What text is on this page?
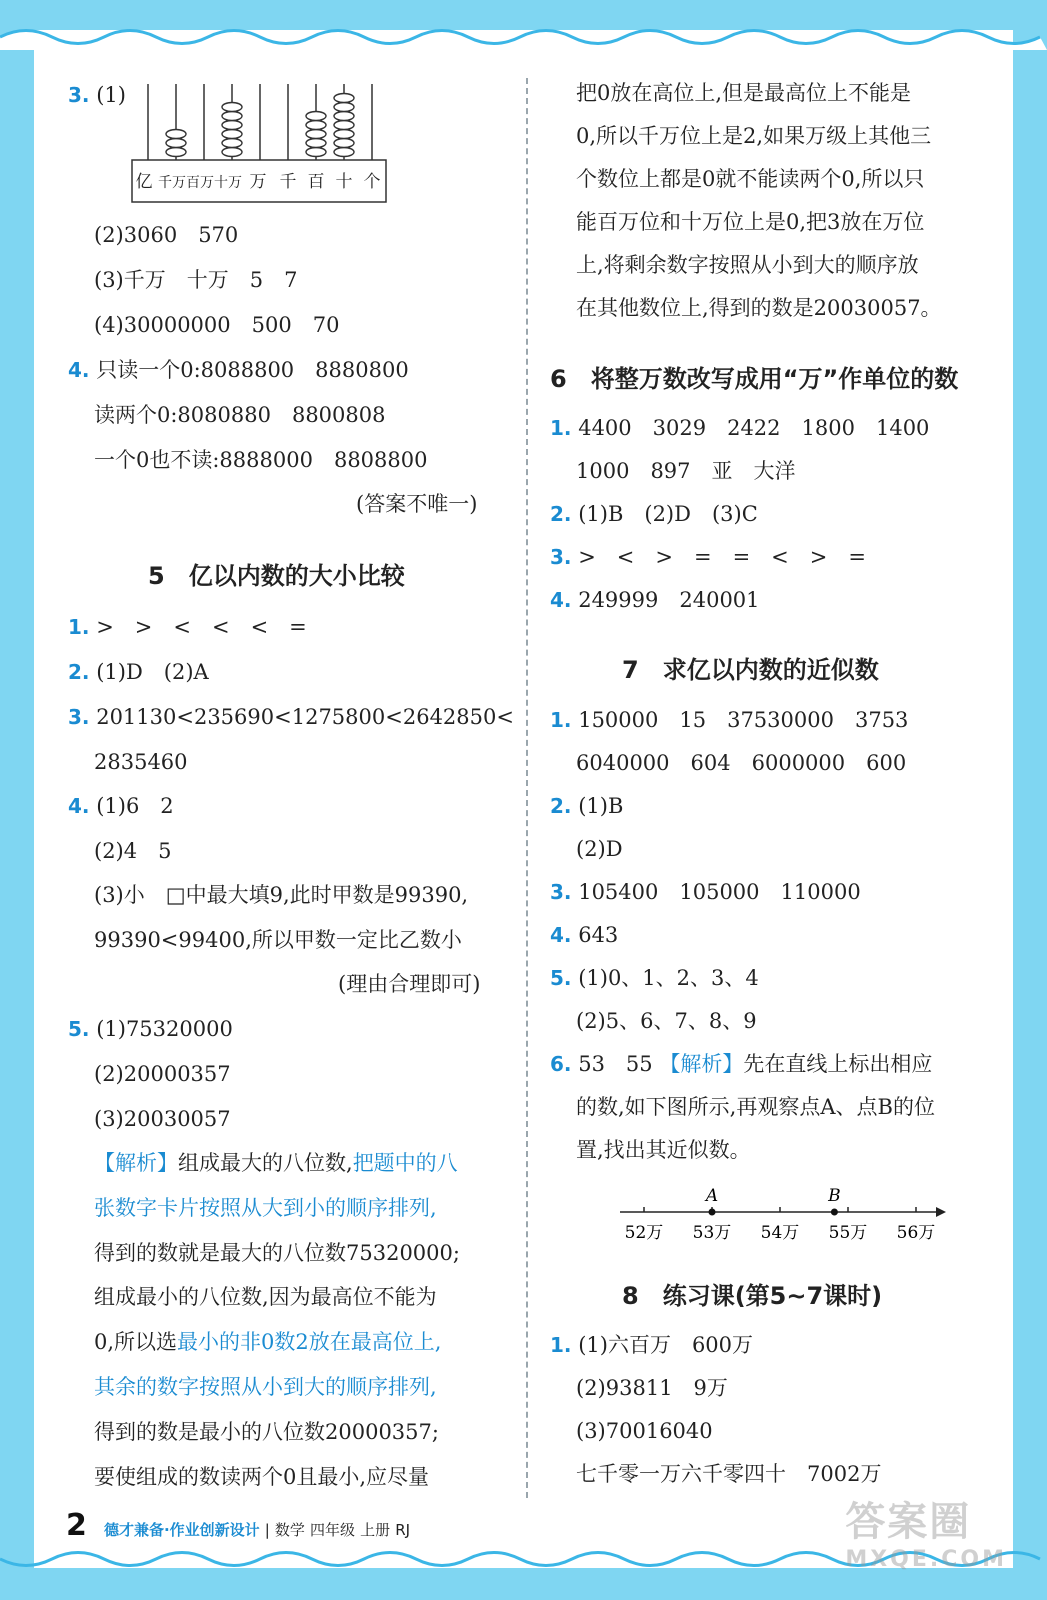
3. (1)
亿 千万 百万 十万 万 千 百 十 个
(2)3060　570
(3)千万　十万　5　7
(4)30000000　500　70
4. 只读一个0:8088800　8880800
读两个0:8080880　8800808
一个0也不读:8888000　8808800
(答案不唯一)
5　亿以内数的大小比较
1. >　>　<　<　<　=
2. (1)D　(2)A
3. 201130<235690<1275800<2642850<
2835460
4. (1)6　2
(2)4　5
(3)小　□中最大填9,此时甲数是99390,
99390<99400,所以甲数一定比乙数小
(理由合理即可)
5. (1)75320000
(2)20000357
(3)20030057
【解析】组成最大的八位数,把题中的八
张数字卡片按照从大到小的顺序排列,
得到的数就是最大的八位数75320000;
组成最小的八位数,因为最高位不能为
0,所以选最小的非0数2放在最高位上,
其余的数字按照从小到大的顺序排列,
得到的数是最小的八位数20000357;
要使组成的数读两个0且最小,应尽量
把0放在高位上,但是最高位上不能是
0,所以千万位上是2,如果万级上其他三
个数位上都是0就不能读两个0,所以只
能百万位和十万位上是0,把3放在万位
上,将剩余数字按照从小到大的顺序放
在其他数位上,得到的数是20030057。
6　将整万数改写成用“万”作单位的数
1. 4400　3029　2422　1800　1400
1000　897　亚　大洋
2. (1)B　(2)D　(3)C
3. >　<　>　=　=　<　>　=
4. 249999　240001
7　求亿以内数的近似数
1. 150000　15　37530000　3753
6040000　604　6000000　600
2. (1)B
(2)D
3. 105400　105000　110000
4. 643
5. (1)0、1、2、3、4
(2)5、6、7、8、9
6. 53　55 【解析】先在直线上标出相应
的数,如下图所示,再观察点A、点B的位
置,找出其近似数。
8　练习课(第5~7课时)
1. (1)六百万　600万
(2)93811　9万
(3)70016040
七千零一万六千零四十　7002万
52万 53万 54万 55万 56万
A	B
2 德才兼备·作业创新设计 | 数学 四年级 上册 RJ	答案圈
MXQE.COM
